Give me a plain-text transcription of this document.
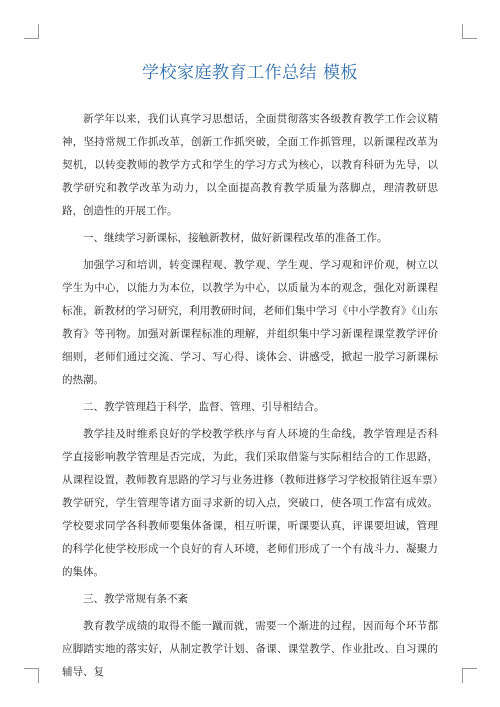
学校家庭教育工作总结 模板

新学年以来，我们认真学习思想话，全面贯彻落实各级教育教学工作会议精神，坚持常规工作抓改革，创新工作抓突破，全面工作抓管理，以新课程改革为契机，以转变教师的教学方式和学生的学习方式为核心，以教育科研为先导，以教学研究和教学改革为动力，以全面提高教育教学质量为落脚点，理清教研思路，创造性的开展工作。

一、继续学习新课标，接触新教材，做好新课程改革的准备工作。

加强学习和培训，转变课程观、教学观、学生观、学习观和评价观，树立以学生为中心，以能力为本位，以教学为中心，以质量为本的观念，强化对新课程标准，新教材的学习研究，利用教研时间，老师们集中学习《中小学教育》《山东教育》等刊物。加强对新课程标准的理解，并组织集中学习新课程课堂教学评价细则，老师们通过交流、学习、写心得、谈体会、讲感受，掀起一股学习新课标的热潮。

二、教学管理趋于科学，监督、管理、引导相结合。

教学挂及时维系良好的学校教学秩序与育人环境的生命线，教学管理是否科学直接影响教学管理是否完成，为此，我们采取借鉴与实际相结合的工作思路，从课程设置，教师教育思路的学习与业务进修（教师进修学习学校报销往返车票）教学研究，学生管理等诸方面寻求新的切入点，突破口，使各项工作富有成效。学校要求同学各科教师要集体备课，相互听课，听课要认真，评课要坦诚，管理的科学化使学校形成一个良好的育人环境，老师们形成了一个有战斗力、凝聚力的集体。

三、教学常规有条不紊

教育教学成绩的取得不能一蹴而就，需要一个渐进的过程，因而每个环节都应脚踏实地的落实好，从制定教学计划、备课、课堂教学、作业批改、自习课的辅导、复
